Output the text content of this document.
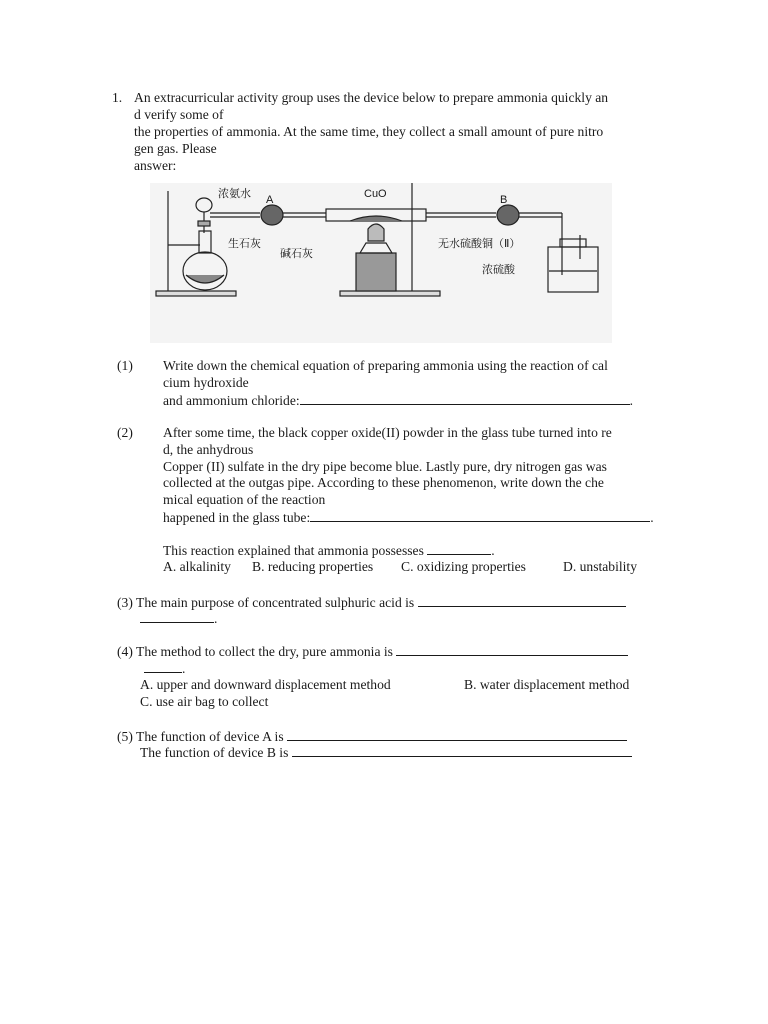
1. An extracurricular activity group uses the device below to prepare ammonia quickly an
d verify some of
the properties of ammonia. At the same time, they collect a small amount of pure nitro
gen gas. Please
answer:
浓氨水 A	CuO	B
生石灰
碱石灰
无水硫酸铜（Ⅱ）
浓硫酸
(1) Write down the chemical equation of preparing ammonia using the reaction of cal
cium hydroxide
and ammonium chloride:	.
(2) After some time, the black copper oxide(II) powder in the glass tube turned into re
d, the anhydrous
Copper (II) sulfate in the dry pipe become blue. Lastly pure, dry nitrogen gas was
collected at the outgas pipe. According to these phenomenon, write down the che
mical equation of the reaction
happened in the glass tube:	.
This reaction explained that ammonia possesses	.
A. alkalinity B. reducing properties C. oxidizing properties	D. unstability
(3) The main purpose of concentrated sulphuric acid is
.
(4) The method to collect the dry, pure ammonia is
.
A. upper and downward displacement method	B. water displacement method
C. use air bag to collect
(5) The function of device A is
The function of device B is
